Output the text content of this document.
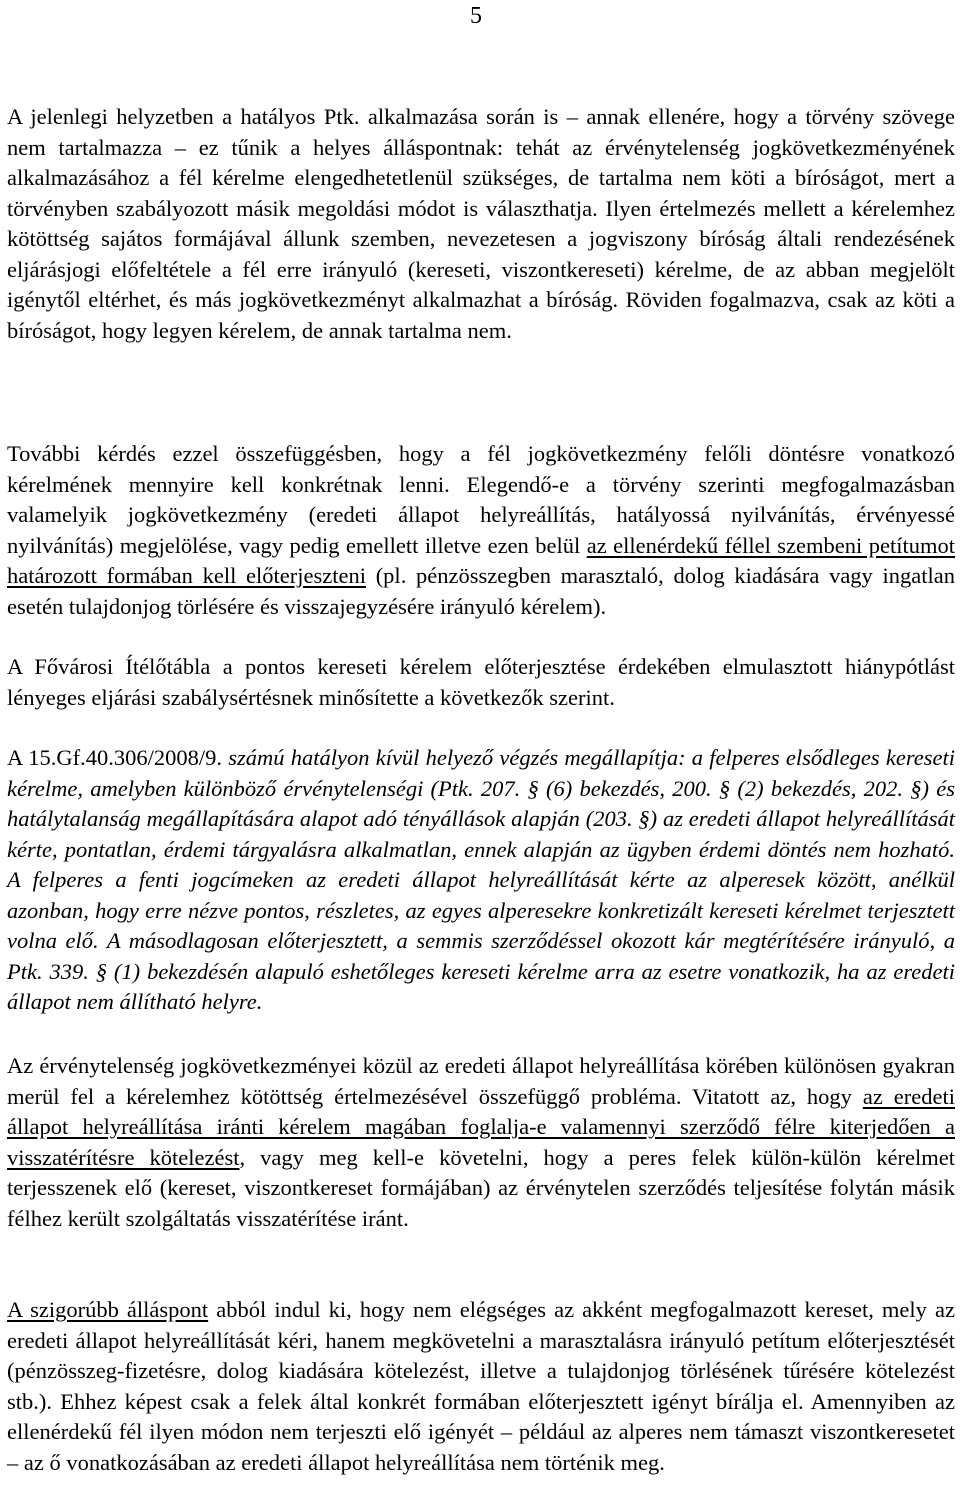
5

A jelenlegi helyzetben a hatályos Ptk. alkalmazása során is – annak ellenére, hogy a törvény szövege nem tartalmazza – ez tűnik a helyes álláspontnak: tehát az érvénytelenség jogkövetkezményének alkalmazásához a fél kérelme elengedhetetlenül szükséges, de tartalma nem köti a bíróságot, mert a törvényben szabályozott másik megoldási módot is választhatja. Ilyen értelmezés mellett a kérelemhez kötöttség sajátos formájával állunk szemben, nevezetesen a jogviszony bíróság általi rendezésének eljárásjogi előfeltétele a fél erre irányuló (kereseti, viszontkereseti) kérelme, de az abban megjelölt igénytől eltérhet, és más jogkövetkezményt alkalmazhat a bíróság. Röviden fogalmazva, csak az köti a bíróságot, hogy legyen kérelem, de annak tartalma nem.

További kérdés ezzel összefüggésben, hogy a fél jogkövetkezmény felőli döntésre vonatkozó kérelmének mennyire kell konkrétnak lenni. Elegendő-e a törvény szerinti megfogalmazásban valamelyik jogkövetkezmény (eredeti állapot helyreállítás, hatályossá nyilvánítás, érvényessé nyilvánítás) megjelölése, vagy pedig emellett illetve ezen belül az ellenérdekű féllel szembeni petítumot határozott formában kell előterjeszteni (pl. pénzösszegben marasztaló, dolog kiadására vagy ingatlan esetén tulajdonjog törlésére és visszajegyzésére irányuló kérelem).

A Fővárosi Ítélőtábla a pontos kereseti kérelem előterjesztése érdekében elmulasztott hiánypótlást lényeges eljárási szabálysértésnek minősítette a következők szerint.

A 15.Gf.40.306/2008/9. számú hatályon kívül helyező végzés megállapítja: a felperes elsődleges kereseti kérelme, amelyben különböző érvénytelenségi (Ptk. 207. § (6) bekezdés, 200. § (2) bekezdés, 202. §) és hatálytalanság megállapítására alapot adó tényállások alapján (203. §) az eredeti állapot helyreállítását kérte, pontatlan, érdemi tárgyalásra alkalmatlan, ennek alapján az ügyben érdemi döntés nem hozható. A felperes a fenti jogcímeken az eredeti állapot helyreállítását kérte az alperesek között, anélkül azonban, hogy erre nézve pontos, részletes, az egyes alperesekre konkretizált kereseti kérelmet terjesztett volna elő. A másodlagosan előterjesztett, a semmis szerződéssel okozott kár megtérítésére irányuló, a Ptk. 339. § (1) bekezdésén alapuló eshetőleges kereseti kérelme arra az esetre vonatkozik, ha az eredeti állapot nem állítható helyre.

Az érvénytelenség jogkövetkezményei közül az eredeti állapot helyreállítása körében különösen gyakran merül fel a kérelemhez kötöttség értelmezésével összefüggő probléma. Vitatott az, hogy az eredeti állapot helyreállítása iránti kérelem magában foglalja-e valamennyi szerződő félre kiterjedően a visszatérítésre kötelezést, vagy meg kell-e követelni, hogy a peres felek külön-külön kérelmet terjesszenek elő (kereset, viszontkereset formájában) az érvénytelen szerződés teljesítése folytán másik félhez került szolgáltatás visszatérítése iránt.

A szigorúbb álláspont abból indul ki, hogy nem elégséges az akként megfogalmazott kereset, mely az eredeti állapot helyreállítását kéri, hanem megkövetelni a marasztalásra irányuló petítum előterjesztését (pénzösszeg-fizetésre, dolog kiadására kötelezést, illetve a tulajdonjog törlésének tűrésére kötelezést stb.). Ehhez képest csak a felek által konkrét formában előterjesztett igényt bírálja el. Amennyiben az ellenérdekű fél ilyen módon nem terjeszti elő igényét – például az alperes nem támaszt viszontkeresetet – az ő vonatkozásában az eredeti állapot helyreállítása nem történik meg.
